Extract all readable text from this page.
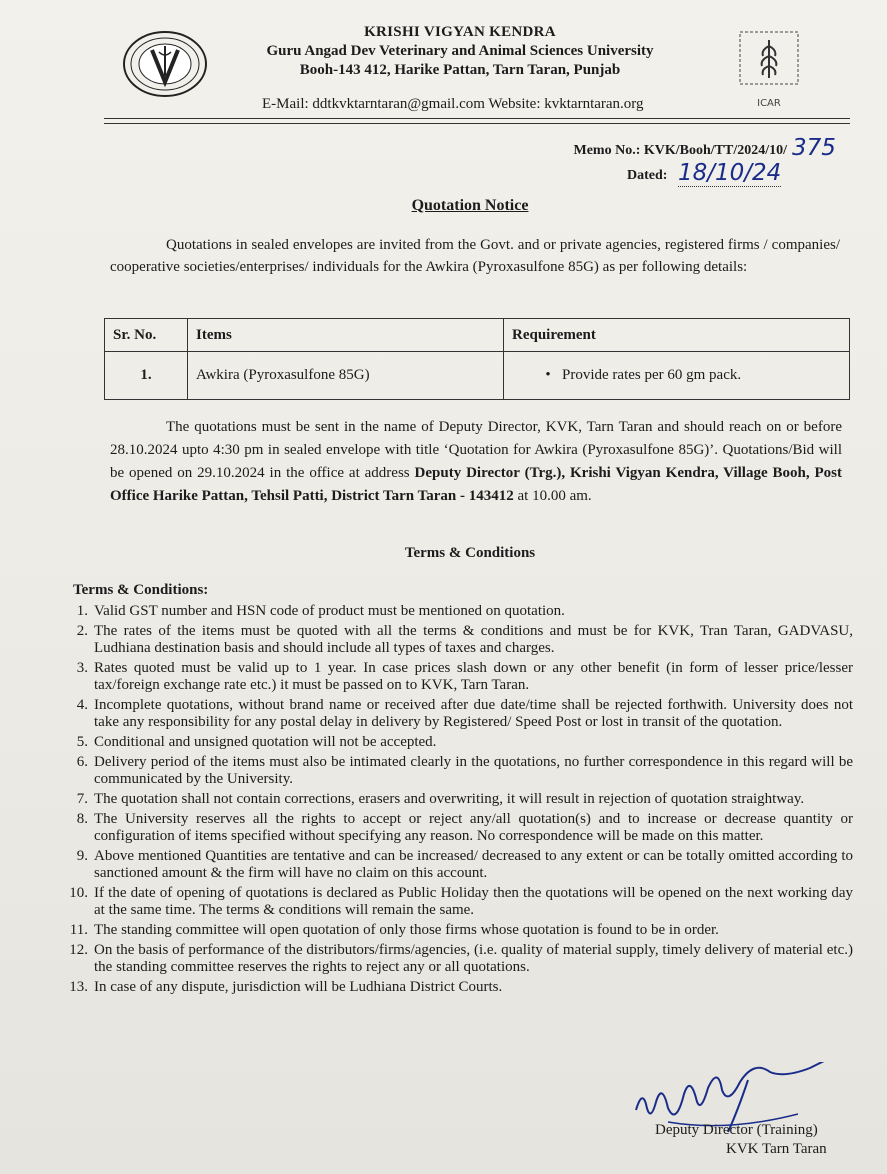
KRISHI VIGYAN KENDRA
Guru Angad Dev Veterinary and Animal Sciences University
Booh-143 412, Harike Pattan, Tarn Taran, Punjab
E-Mail: ddtkvktarntaran@gmail.com Website: kvktarntaran.org	ICAR
Memo No.: KVK/Booh/TT/2024/10/ 375
Dated: 18/10/24
Quotation Notice
Quotations in sealed envelopes are invited from the Govt. and or private agencies, registered firms / companies/ cooperative societies/enterprises/ individuals for the Awkira (Pyroxasulfone 85G) as per following details:
Sr. No.	Items	Requirement
1.	Awkira (Pyroxasulfone 85G)	• Provide rates per 60 gm pack.
The quotations must be sent in the name of Deputy Director, KVK, Tarn Taran and should reach on or before 28.10.2024 upto 4:30 pm in sealed envelope with title ‘Quotation for Awkira (Pyroxasulfone 85G)’. Quotations/Bid will be opened on 29.10.2024 in the office at address Deputy Director (Trg.), Krishi Vigyan Kendra, Village Booh, Post Office Harike Pattan, Tehsil Patti, District Tarn Taran - 143412 at 10.00 am.
Terms & Conditions
Terms & Conditions:
1. Valid GST number and HSN code of product must be mentioned on quotation.
2. The rates of the items must be quoted with all the terms & conditions and must be for KVK, Tran Taran, GADVASU, Ludhiana destination basis and should include all types of taxes and charges.
3. Rates quoted must be valid up to 1 year. In case prices slash down or any other benefit (in form of lesser price/lesser tax/foreign exchange rate etc.) it must be passed on to KVK, Tarn Taran.
4. Incomplete quotations, without brand name or received after due date/time shall be rejected forthwith. University does not take any responsibility for any postal delay in delivery by Registered/ Speed Post or lost in transit of the quotation.
5. Conditional and unsigned quotation will not be accepted.
6. Delivery period of the items must also be intimated clearly in the quotations, no further correspondence in this regard will be communicated by the University.
7. The quotation shall not contain corrections, erasers and overwriting, it will result in rejection of quotation straightway.
8. The University reserves all the rights to accept or reject any/all quotation(s) and to increase or decrease quantity or configuration of items specified without specifying any reason. No correspondence will be made on this matter.
9. Above mentioned Quantities are tentative and can be increased/ decreased to any extent or can be totally omitted according to sanctioned amount & the firm will have no claim on this account.
10. If the date of opening of quotations is declared as Public Holiday then the quotations will be opened on the next working day at the same time. The terms & conditions will remain the same.
11. The standing committee will open quotation of only those firms whose quotation is found to be in order.
12. On the basis of performance of the distributors/firms/agencies, (i.e. quality of material supply, timely delivery of material etc.) the standing committee reserves the rights to reject any or all quotations.
13. In case of any dispute, jurisdiction will be Ludhiana District Courts.
Deputy Director (Training)
KVK Tarn Taran
